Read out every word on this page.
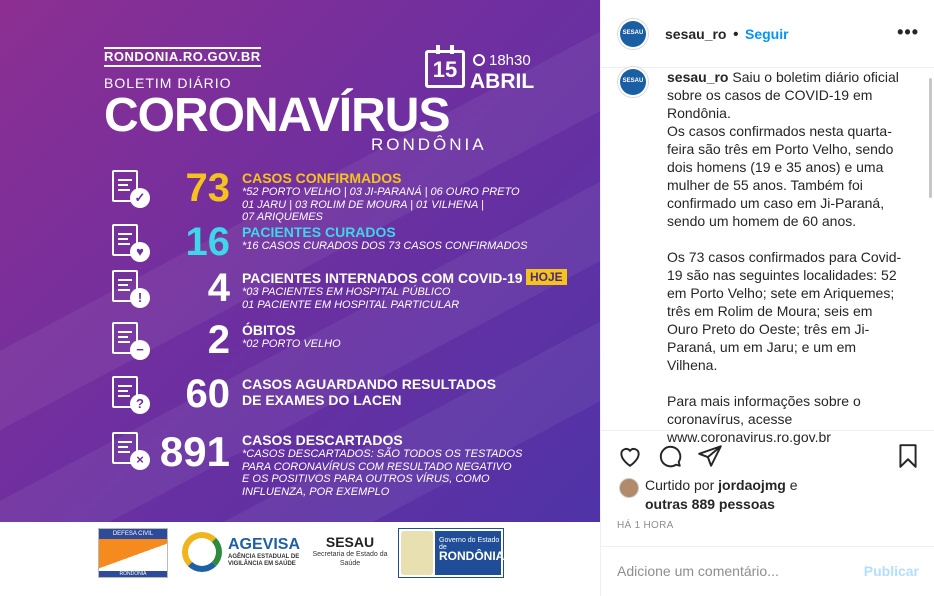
RONDONIA.RO.GOV.BR
BOLETIM DIÁRIO
15	18h30
ABRIL
CORONAVÍRUS
RONDÔNIA
✓	73 CASOS CONFIRMADOS
*52 PORTO VELHO | 03 JI-PARANÁ | 06 OURO PRETO
01 JARU | 03 ROLIM DE MOURA | 01 VILHENA |
07 ARIQUEMES
♥	16 PACIENTES CURADOS
*16 CASOS CURADOS DOS 73 CASOS CONFIRMADOS
!	4 PACIENTES INTERNADOS COM COVID-19
*03 PACIENTES EM HOSPITAL PÚBLICO
01 PACIENTE EM HOSPITAL PARTICULAR
−	2 ÓBITOS
*02 PORTO VELHO
?	60 CASOS AGUARDANDO RESULTADOS
DE EXAMES DO LACEN
× 891 CASOS DESCARTADOS
*CASOS DESCARTADOS: SÃO TODOS OS TESTADOS
PARA CORONAVÍRUS COM RESULTADO NEGATIVO
E OS POSITIVOS PARA OUTROS VÍRUS, COMO
INFLUENZA, POR EXEMPLO
HOJE
DEFESA CIVIL
RONDÔNIA
AGEVISA
AGÊNCIA ESTADUAL DE
VIGILÂNCIA EM SAÚDE
SESAU
Secretaria de Estado da
Saúde
Governo do Estado de
RONDÔNIA
SESAU sesau_ro • Seguir	•••
SESAU sesau_ro Saiu o boletim diário oficial sobre os casos de COVID-19 em Rondônia.
Os casos confirmados nesta quarta-feira são três em Porto Velho, sendo dois homens (19 e 35 anos) e uma mulher de 55 anos. Também foi confirmado um caso em Ji-Paraná, sendo um homem de 60 anos.

Os 73 casos confirmados para Covid-19 são nas seguintes localidades: 52 em Porto Velho; sete em Ariquemes; três em Rolim de Moura; seis em Ouro Preto do Oeste; três em Ji-Paraná, um em Jaru; e um em Vilhena.

Para mais informações sobre o coronavírus, acesse
www.coronavirus.ro.gov.br
Curtido por jordaojmg e
outras 889 pessoas
HÁ 1 HORA
Adicione um comentário...
Publicar
